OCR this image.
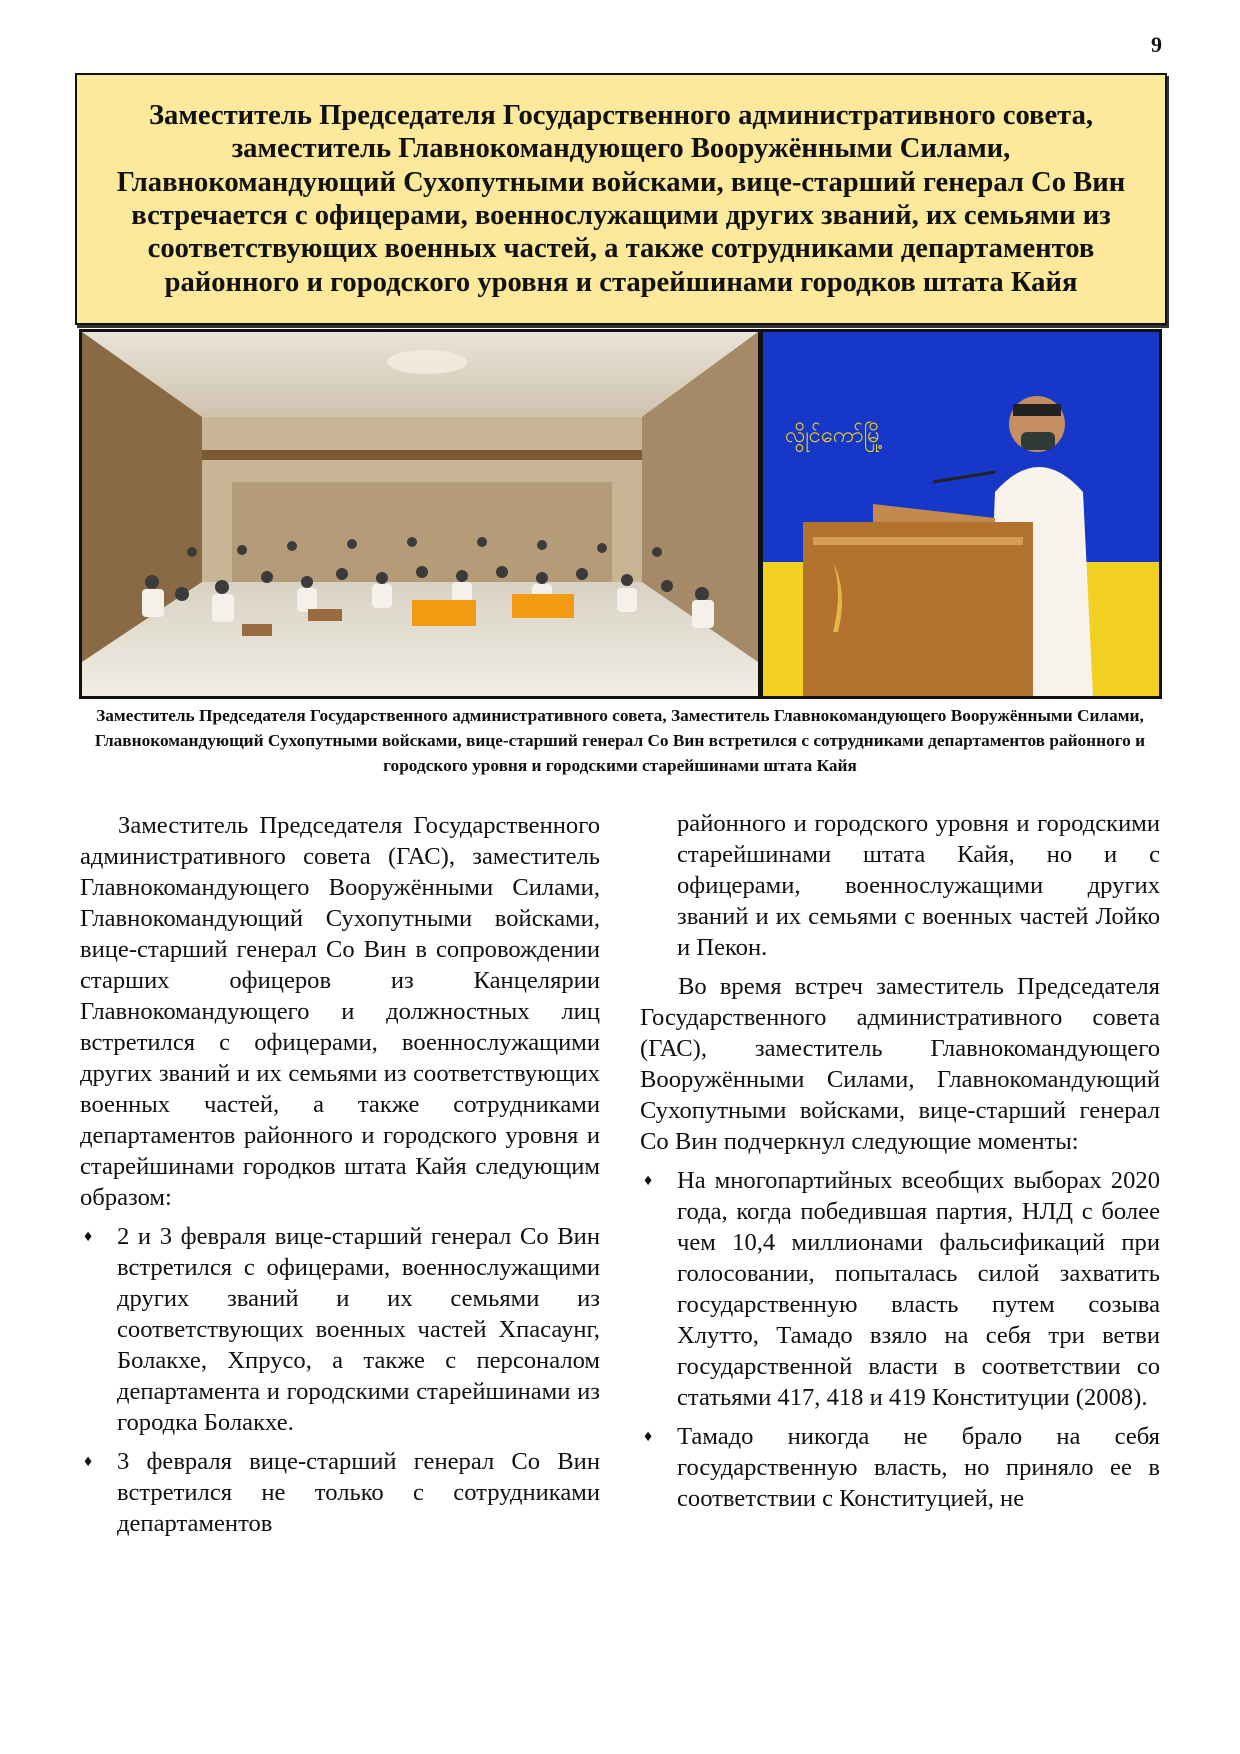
9
Заместитель Председателя Государственного административного совета, заместитель Главнокомандующего Вооружёнными Силами, Главнокомандующий Сухопутными войсками, вице-старший генерал Со Вин встречается с офицерами, военнослужащими других званий, их семьями из соответствующих военных частей, а также сотрудниками департаментов районного и городского уровня и старейшинами городков штата Кайя
လွိုင်ကော်မြို့
Заместитель Председателя Государственного административного совета, Заместитель Главнокомандующего Вооружёнными Силами, Главнокомандующий Сухопутными войсками, вице-старший генерал Со Вин встретился с сотрудниками департаментов районного и городского уровня и городскими старейшинами штата Кайя

Заместитель Председателя Государственного административного совета (ГАС), заместитель Главнокомандующего Вооружёнными Силами, Главнокомандующий Сухопутными войсками, вице-старший генерал Со Вин в сопровождении старших офицеров из Канцелярии Главнокомандующего и должностных лиц встретился с офицерами, военнослужащими других званий и их семьями из соответствующих военных частей, а также сотрудниками департаментов районного и городского уровня и старейшинами городков штата Кайя следующим образом:

♦ 2 и 3 февраля вице-старший генерал Со Вин встретился с офицерами, военнослужащими других званий и их семьями из соответствующих военных частей Хпасаунг, Болакхе, Хпрусо, а также с персоналом департамента и городскими старейшинами из городка Болакхе.
♦ 3 февраля вице-старший генерал Со Вин встретился не только с сотрудниками департаментов

районного и городского уровня и городскими старейшинами штата Кайя, но и с офицерами, военнослужащими других званий и их семьями с военных частей Лойко и Пекон.

Во время встреч заместитель Председателя Государственного административного совета (ГАС), заместитель Главнокомандующего Вооружёнными Силами, Главнокомандующий Сухопутными войсками, вице-старший генерал Со Вин подчеркнул следующие моменты:

♦ На многопартийных всеобщих выборах 2020 года, когда победившая партия, НЛД с более чем 10,4 миллионами фальсификаций при голосовании, попыталась силой захватить государственную власть путем созыва Хлутто, Тамадо взяло на себя три ветви государственной власти в соответствии со статьями 417, 418 и 419 Конституции (2008).
♦ Тамадо никогда не брало на себя государственную власть, но приняло ее в соответствии с Конституцией, не
